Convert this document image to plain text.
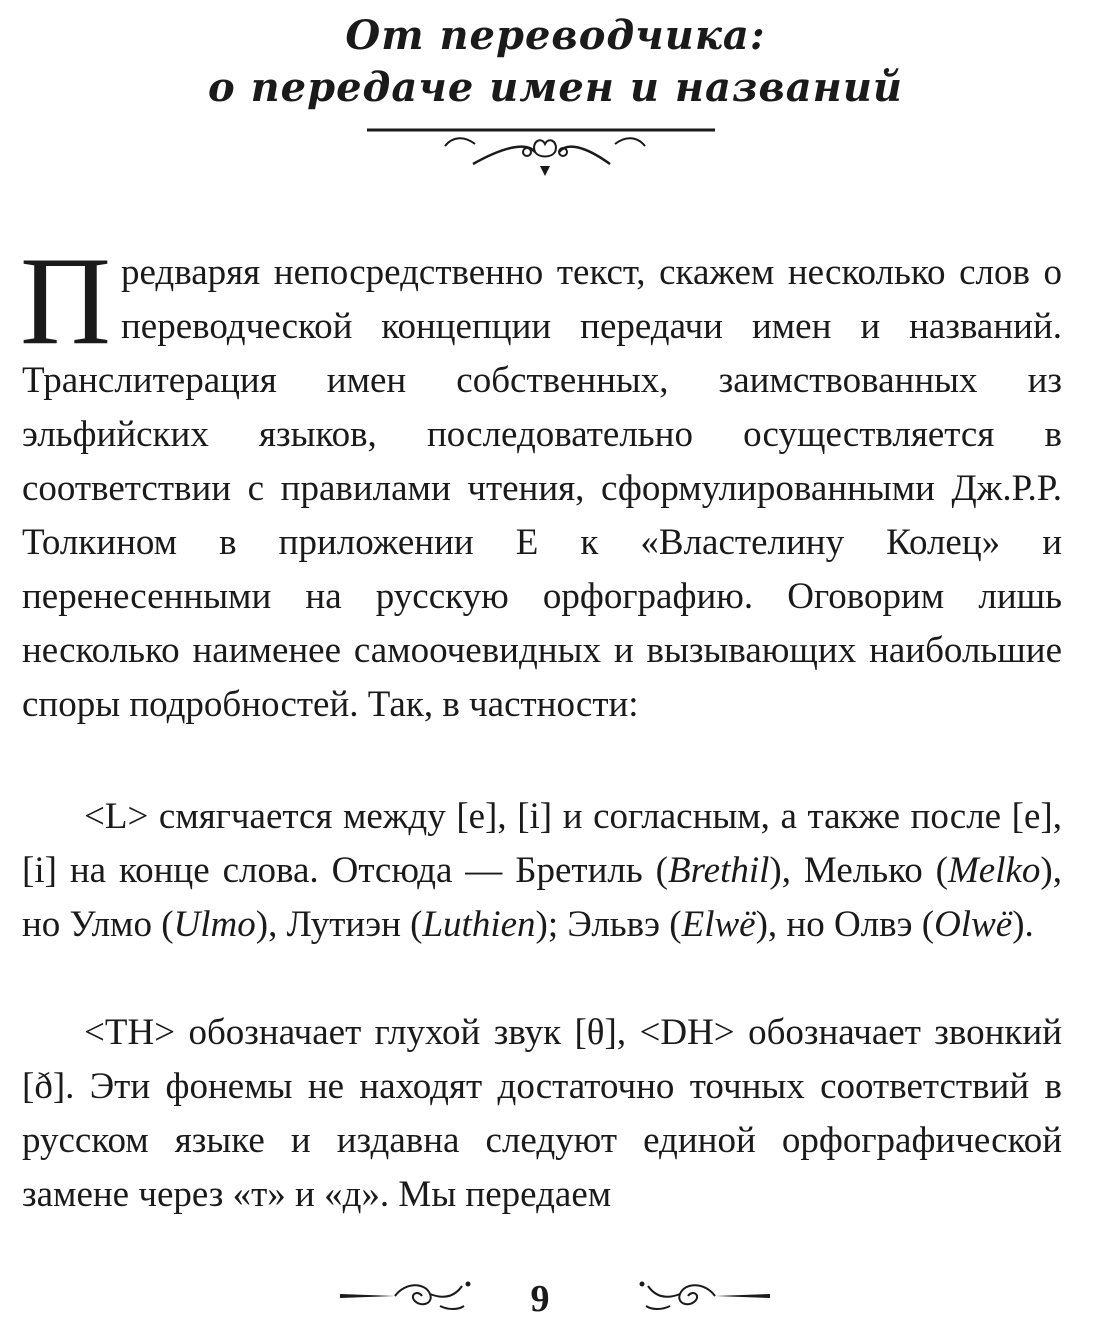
От переводчика:
о передаче имен и названий
П редваряя непосредственно текст, скажем несколько слов о переводческой концепции передачи имен и названий. Транслитерация имен собственных, заимствованных из эльфийских языков, последовательно осуществляется в соответствии с правилами чтения, сформулированными Дж.Р.Р. Толкином в приложении Е к «Властелину Колец» и перенесенными на русскую орфографию. Оговорим лишь несколько наименее самоочевидных и вызывающих наибольшие споры подробностей. Так, в частности:
<L> смягчается между [e], [i] и согласным, а также после [e], [i] на конце слова. Отсюда — Бретиль (Brethil), Мелько (Melko), но Улмо (Ulmo), Лутиэн (Luthien); Эльвэ (Elwë), но Олвэ (Olwë).
<TH> обозначает глухой звук [θ], <DH> обозначает звонкий [ð]. Эти фонемы не находят достаточно точных соответствий в русском языке и издавна следуют единой орфографической замене через «т» и «д». Мы передаем
9
